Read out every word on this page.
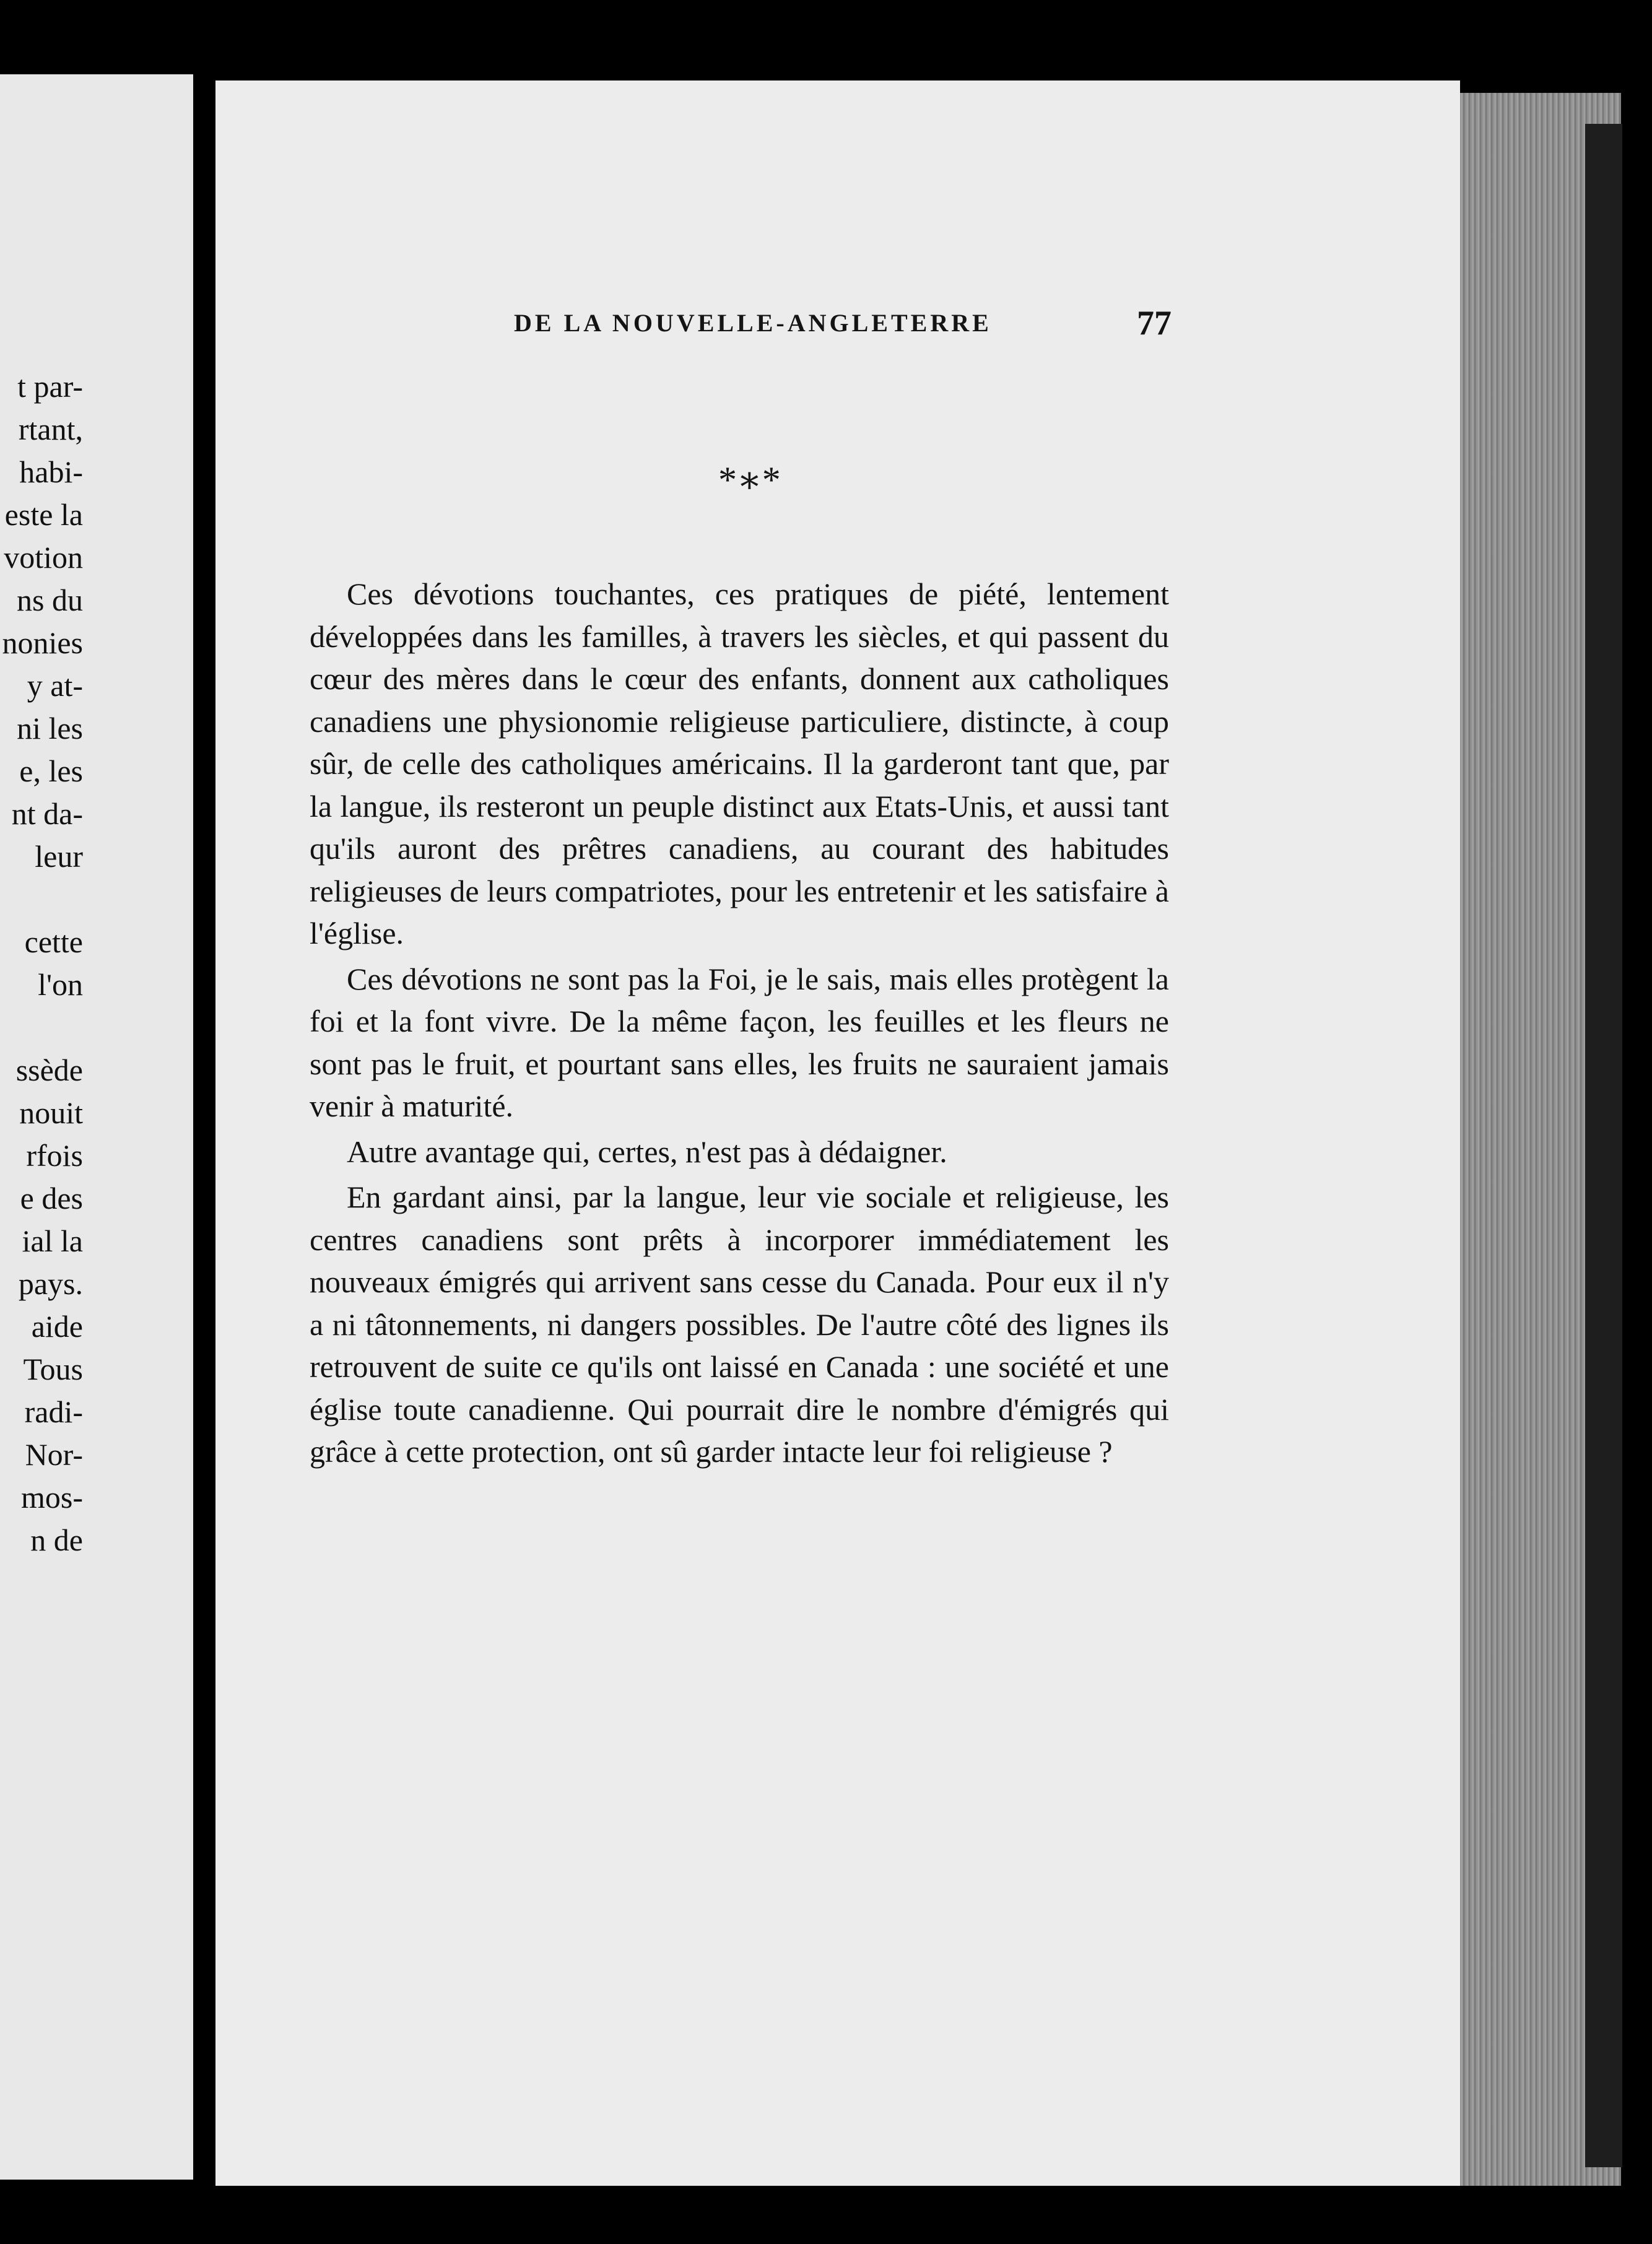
t par-
rtant,
habi-
este la
votion
ns du
nonies
y at-
ni les
e, les
nt da-
leur
cette
l'on
ssède
nouit
rfois
e des
ial la
pays.
aide
Tous
radi-
Nor-
mos-
n de
DE LA NOUVELLE-ANGLETERRE	77
*∗*

Ces dévotions touchantes, ces pratiques de piété, lentement développées dans les familles, à travers les siècles, et qui passent du cœur des mères dans le cœur des enfants, donnent aux catholiques canadiens une physionomie religieuse particuliere, distincte, à coup sûr, de celle des catholiques américains. Il la garderont tant que, par la langue, ils resteront un peuple distinct aux Etats-Unis, et aussi tant qu'ils auront des prêtres canadiens, au courant des habitudes religieuses de leurs compatriotes, pour les entretenir et les satisfaire à l'église.

Ces dévotions ne sont pas la Foi, je le sais, mais elles protègent la foi et la font vivre. De la même façon, les feuilles et les fleurs ne sont pas le fruit, et pourtant sans elles, les fruits ne sauraient jamais venir à maturité.

Autre avantage qui, certes, n'est pas à dédaigner.

En gardant ainsi, par la langue, leur vie sociale et religieuse, les centres canadiens sont prêts à incorporer immédiatement les nouveaux émigrés qui arrivent sans cesse du Canada. Pour eux il n'y a ni tâtonnements, ni dangers possibles. De l'autre côté des lignes ils retrouvent de suite ce qu'ils ont laissé en Canada : une société et une église toute canadienne. Qui pourrait dire le nombre d'émigrés qui grâce à cette protection, ont sû garder intacte leur foi religieuse ?
